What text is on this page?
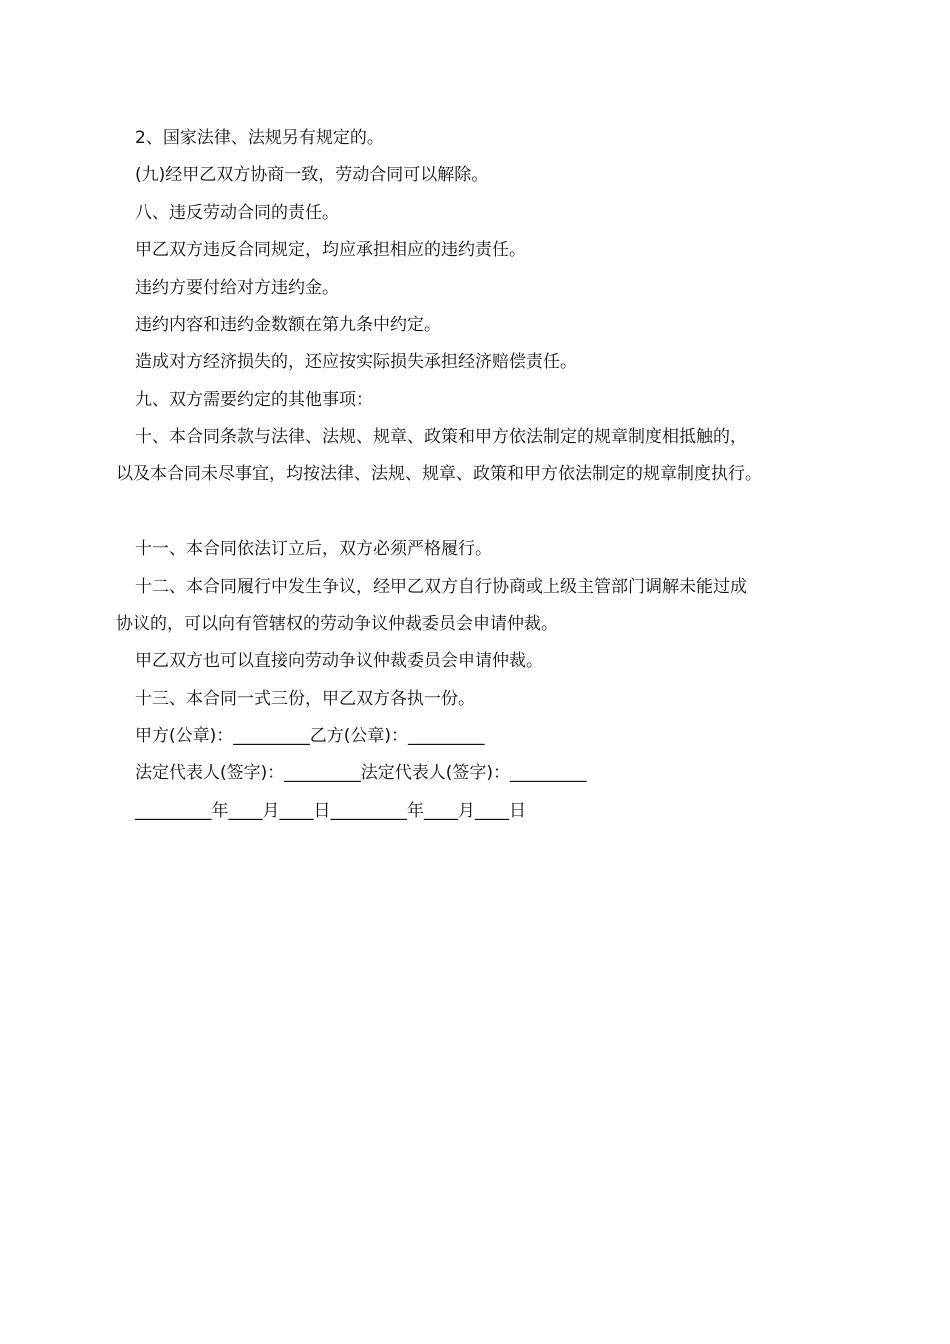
2、国家法律、法规另有规定的。
(九)经甲乙双方协商一致，劳动合同可以解除。
八、违反劳动合同的责任。
甲乙双方违反合同规定，均应承担相应的违约责任。
违约方要付给对方违约金。
违约内容和违约金数额在第九条中约定。
造成对方经济损失的，还应按实际损失承担经济赔偿责任。
九、双方需要约定的其他事项：
十、本合同条款与法律、法规、规章、政策和甲方依法制定的规章制度相抵触的，
以及本合同未尽事宜，均按法律、法规、规章、政策和甲方依法制定的规章制度执行。
十一、本合同依法订立后，双方必须严格履行。
十二、本合同履行中发生争议，经甲乙双方自行协商或上级主管部门调解未能过成
协议的，可以向有管辖权的劳动争议仲裁委员会申请仲裁。
甲乙双方也可以直接向劳动争议仲裁委员会申请仲裁。
十三、本合同一式三份，甲乙双方各执一份。
甲方(公章)：_________乙方(公章)：_________
法定代表人(签字)：_________法定代表人(签字)：_________
_________年____月____日_________年____月____日
